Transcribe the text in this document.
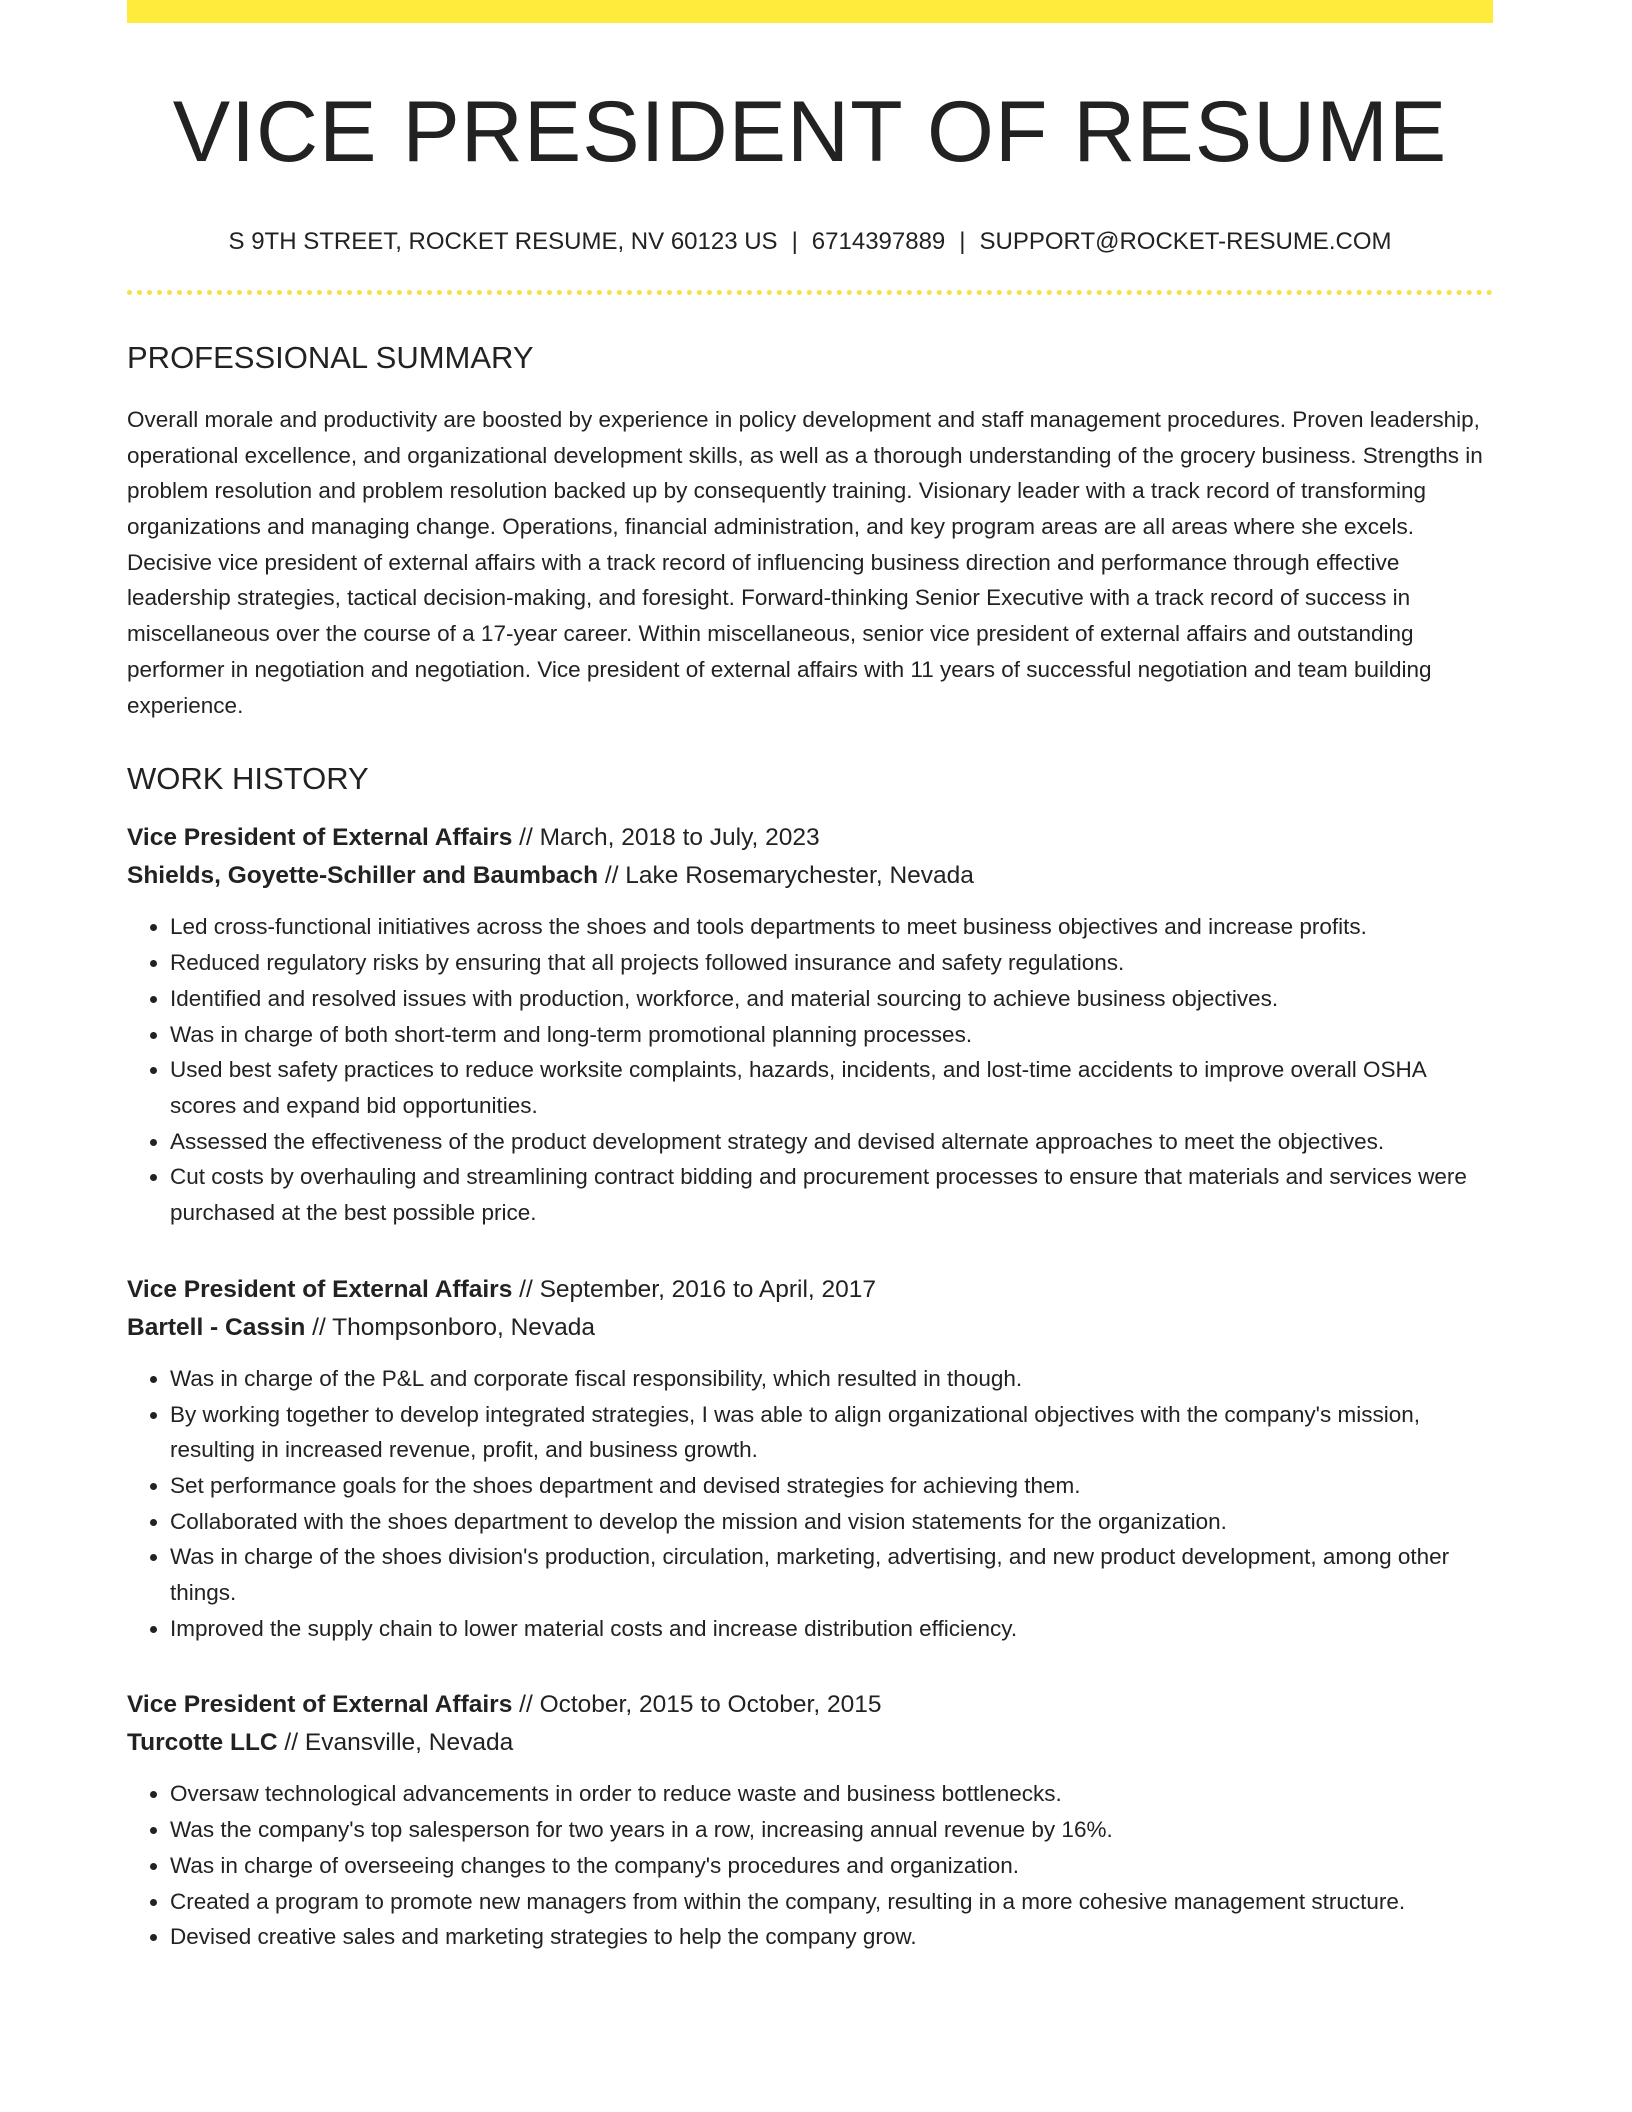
VICE PRESIDENT OF RESUME
S 9TH STREET, ROCKET RESUME, NV 60123 US | 6714397889 | SUPPORT@ROCKET-RESUME.COM
PROFESSIONAL SUMMARY

Overall morale and productivity are boosted by experience in policy development and staff management procedures. Proven leadership, operational excellence, and organizational development skills, as well as a thorough understanding of the grocery business. Strengths in problem resolution and problem resolution backed up by consequently training. Visionary leader with a track record of transforming organizations and managing change. Operations, financial administration, and key program areas are all areas where she excels. Decisive vice president of external affairs with a track record of influencing business direction and performance through effective leadership strategies, tactical decision-making, and foresight. Forward-thinking Senior Executive with a track record of success in miscellaneous over the course of a 17-year career. Within miscellaneous, senior vice president of external affairs and outstanding performer in negotiation and negotiation. Vice president of external affairs with 11 years of successful negotiation and team building experience.

WORK HISTORY
Vice President of External Affairs // March, 2018 to July, 2023
Shields, Goyette-Schiller and Baumbach // Lake Rosemarychester, Nevada
• Led cross-functional initiatives across the shoes and tools departments to meet business objectives and increase profits.
• Reduced regulatory risks by ensuring that all projects followed insurance and safety regulations.
• Identified and resolved issues with production, workforce, and material sourcing to achieve business objectives.
• Was in charge of both short-term and long-term promotional planning processes.
• Used best safety practices to reduce worksite complaints, hazards, incidents, and lost-time accidents to improve overall OSHA scores and expand bid opportunities.
• Assessed the effectiveness of the product development strategy and devised alternate approaches to meet the objectives.
• Cut costs by overhauling and streamlining contract bidding and procurement processes to ensure that materials and services were purchased at the best possible price.
Vice President of External Affairs // September, 2016 to April, 2017
Bartell - Cassin // Thompsonboro, Nevada
• Was in charge of the P&L and corporate fiscal responsibility, which resulted in though.
• By working together to develop integrated strategies, I was able to align organizational objectives with the company's mission, resulting in increased revenue, profit, and business growth.
• Set performance goals for the shoes department and devised strategies for achieving them.
• Collaborated with the shoes department to develop the mission and vision statements for the organization.
• Was in charge of the shoes division's production, circulation, marketing, advertising, and new product development, among other things.
• Improved the supply chain to lower material costs and increase distribution efficiency.
Vice President of External Affairs // October, 2015 to October, 2015
Turcotte LLC // Evansville, Nevada
• Oversaw technological advancements in order to reduce waste and business bottlenecks.
• Was the company's top salesperson for two years in a row, increasing annual revenue by 16%.
• Was in charge of overseeing changes to the company's procedures and organization.
• Created a program to promote new managers from within the company, resulting in a more cohesive management structure.
• Devised creative sales and marketing strategies to help the company grow.
